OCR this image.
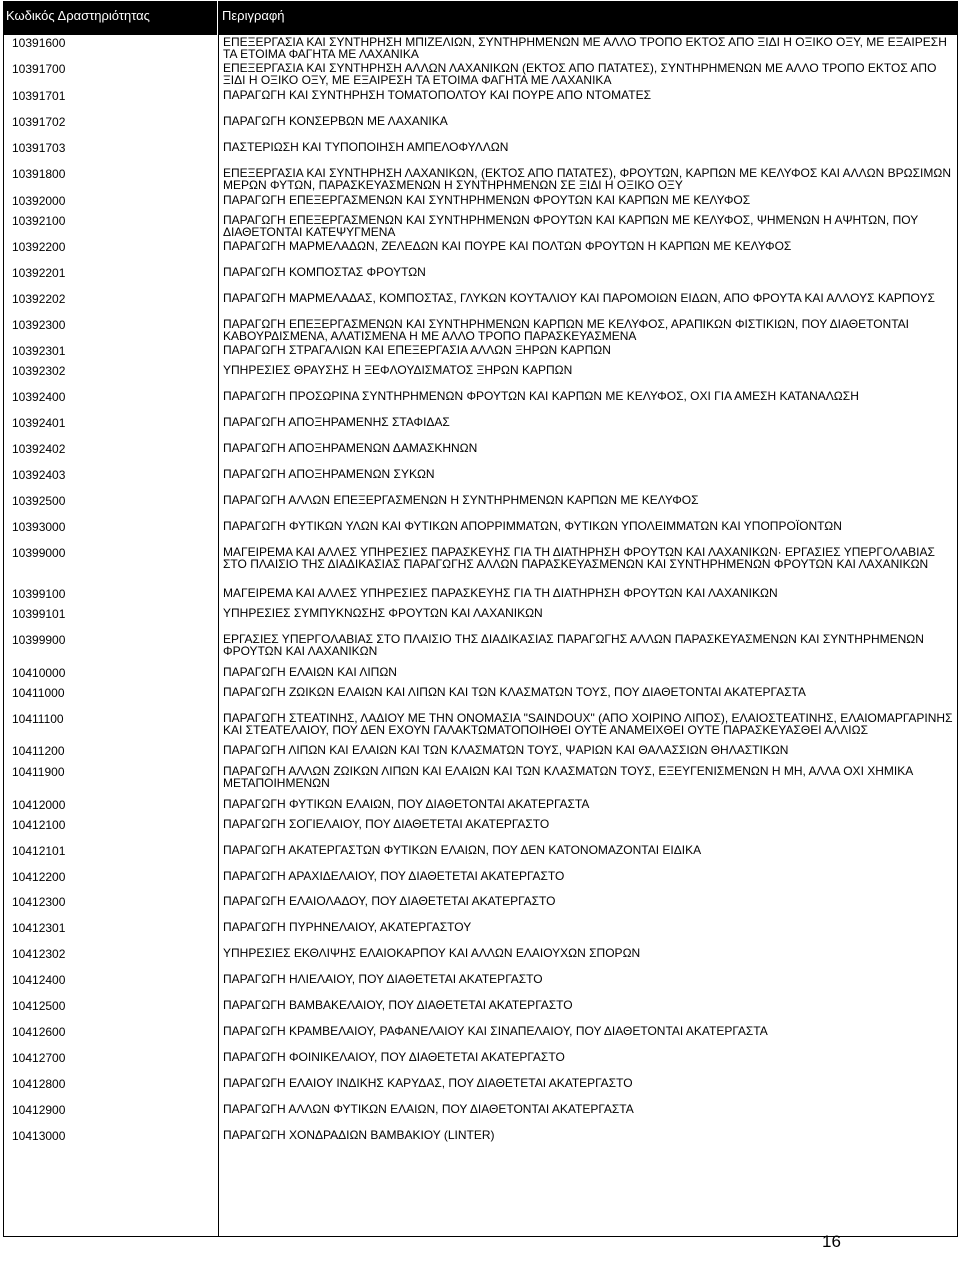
Κωδικός Δραστηριότητας	Περιγραφή
10391600	ΕΠΕΞΕΡΓΑΣΙΑ ΚΑΙ ΣΥΝΤΗΡΗΣΗ ΜΠΙΖΕΛΙΩΝ, ΣΥΝΤΗΡΗΜΕΝΩΝ ΜΕ ΑΛΛΟ ΤΡΟΠΟ ΕΚΤΟΣ ΑΠΟ ΞΙΔΙ Η ΟΞΙΚΟ ΟΞΥ, ΜΕ ΕΞΑΙΡΕΣΗ ΤΑ ΕΤΟΙΜΑ ΦΑΓΗΤΑ ΜΕ ΛΑΧΑΝΙΚΑ
10391700	ΕΠΕΞΕΡΓΑΣΙΑ ΚΑΙ ΣΥΝΤΗΡΗΣΗ ΑΛΛΩΝ ΛΑΧΑΝΙΚΩΝ (ΕΚΤΟΣ ΑΠΟ ΠΑΤΑΤΕΣ), ΣΥΝΤΗΡΗΜΕΝΩΝ ΜΕ ΑΛΛΟ ΤΡΟΠΟ ΕΚΤΟΣ ΑΠΟ ΞΙΔΙ Η ΟΞΙΚΟ ΟΞΥ, ΜΕ ΕΞΑΙΡΕΣΗ ΤΑ ΕΤΟΙΜΑ ΦΑΓΗΤΑ ΜΕ ΛΑΧΑΝΙΚΑ
10391701	ΠΑΡΑΓΩΓΗ ΚΑΙ ΣΥΝΤΗΡΗΣΗ ΤΟΜΑΤΟΠΟΛΤΟΥ ΚΑΙ ΠΟΥΡΕ ΑΠΟ ΝΤΟΜΑΤΕΣ
10391702	ΠΑΡΑΓΩΓΗ ΚΟΝΣΕΡΒΩΝ ΜΕ ΛΑΧΑΝΙΚΑ
10391703	ΠΑΣΤΕΡΙΩΣΗ ΚΑΙ ΤΥΠΟΠΟΙΗΣΗ ΑΜΠΕΛΟΦΥΛΛΩΝ
10391800	ΕΠΕΞΕΡΓΑΣΙΑ ΚΑΙ ΣΥΝΤΗΡΗΣΗ ΛΑΧΑΝΙΚΩΝ, (ΕΚΤΟΣ ΑΠΟ ΠΑΤΑΤΕΣ), ΦΡΟΥΤΩΝ, ΚΑΡΠΩΝ ΜΕ ΚΕΛΥΦΟΣ ΚΑΙ ΑΛΛΩΝ ΒΡΩΣΙΜΩΝ ΜΕΡΩΝ ΦΥΤΩΝ, ΠΑΡΑΣΚΕΥΑΣΜΕΝΩΝ Η ΣΥΝΤΗΡΗΜΕΝΩΝ ΣΕ ΞΙΔΙ Η ΟΞΙΚΟ ΟΞΥ
10392000	ΠΑΡΑΓΩΓΗ ΕΠΕΞΕΡΓΑΣΜΕΝΩΝ ΚΑΙ ΣΥΝΤΗΡΗΜΕΝΩΝ ΦΡΟΥΤΩΝ ΚΑΙ ΚΑΡΠΩΝ ΜΕ ΚΕΛΥΦΟΣ
10392100	ΠΑΡΑΓΩΓΗ ΕΠΕΞΕΡΓΑΣΜΕΝΩΝ ΚΑΙ ΣΥΝΤΗΡΗΜΕΝΩΝ ΦΡΟΥΤΩΝ ΚΑΙ ΚΑΡΠΩΝ ΜΕ ΚΕΛΥΦΟΣ, ΨΗΜΕΝΩΝ Η ΑΨΗΤΩΝ, ΠΟΥ ΔΙΑΘΕΤΟΝΤΑΙ ΚΑΤΕΨΥΓΜΕΝΑ
10392200	ΠΑΡΑΓΩΓΗ ΜΑΡΜΕΛΑΔΩΝ, ΖΕΛΕΔΩΝ ΚΑΙ ΠΟΥΡΕ ΚΑΙ ΠΟΛΤΩΝ ΦΡΟΥΤΩΝ Η ΚΑΡΠΩΝ ΜΕ ΚΕΛΥΦΟΣ
10392201	ΠΑΡΑΓΩΓΗ ΚΟΜΠΟΣΤΑΣ ΦΡΟΥΤΩΝ
10392202	ΠΑΡΑΓΩΓΗ ΜΑΡΜΕΛΑΔΑΣ, ΚΟΜΠΟΣΤΑΣ, ΓΛΥΚΩΝ ΚΟΥΤΑΛΙΟΥ ΚΑΙ ΠΑΡΟΜΟΙΩΝ ΕΙΔΩΝ, ΑΠΟ ΦΡΟΥΤΑ ΚΑΙ ΑΛΛΟΥΣ ΚΑΡΠΟΥΣ
10392300	ΠΑΡΑΓΩΓΗ ΕΠΕΞΕΡΓΑΣΜΕΝΩΝ ΚΑΙ ΣΥΝΤΗΡΗΜΕΝΩΝ ΚΑΡΠΩΝ ΜΕ ΚΕΛΥΦΟΣ, ΑΡΑΠΙΚΩΝ ΦΙΣΤΙΚΙΩΝ, ΠΟΥ ΔΙΑΘΕΤΟΝΤΑΙ ΚΑΒΟΥΡΔΙΣΜΕΝΑ, ΑΛΑΤΙΣΜΕΝΑ Η ΜΕ ΑΛΛΟ ΤΡΟΠΟ ΠΑΡΑΣΚΕΥΑΣΜΕΝΑ
10392301	ΠΑΡΑΓΩΓΗ ΣΤΡΑΓΑΛΙΩΝ ΚΑΙ ΕΠΕΞΕΡΓΑΣΙΑ ΑΛΛΩΝ ΞΗΡΩΝ ΚΑΡΠΩΝ
10392302	ΥΠΗΡΕΣΙΕΣ ΘΡΑΥΣΗΣ Η ΞΕΦΛΟΥΔΙΣΜΑΤΟΣ ΞΗΡΩΝ ΚΑΡΠΩΝ
10392400	ΠΑΡΑΓΩΓΗ ΠΡΟΣΩΡΙΝΑ ΣΥΝΤΗΡΗΜΕΝΩΝ ΦΡΟΥΤΩΝ ΚΑΙ ΚΑΡΠΩΝ ΜΕ ΚΕΛΥΦΟΣ, ΟΧΙ ΓΙΑ ΑΜΕΣΗ ΚΑΤΑΝΑΛΩΣΗ
10392401	ΠΑΡΑΓΩΓΗ ΑΠΟΞΗΡΑΜΕΝΗΣ ΣΤΑΦΙΔΑΣ
10392402	ΠΑΡΑΓΩΓΗ ΑΠΟΞΗΡΑΜΕΝΩΝ ΔΑΜΑΣΚΗΝΩΝ
10392403	ΠΑΡΑΓΩΓΗ ΑΠΟΞΗΡΑΜΕΝΩΝ ΣΥΚΩΝ
10392500	ΠΑΡΑΓΩΓΗ ΑΛΛΩΝ ΕΠΕΞΕΡΓΑΣΜΕΝΩΝ Η ΣΥΝΤΗΡΗΜΕΝΩΝ ΚΑΡΠΩΝ ΜΕ ΚΕΛΥΦΟΣ
10393000	ΠΑΡΑΓΩΓΗ ΦΥΤΙΚΩΝ ΥΛΩΝ ΚΑΙ ΦΥΤΙΚΩΝ ΑΠΟΡΡΙΜΜΑΤΩΝ, ΦΥΤΙΚΩΝ ΥΠΟΛΕΙΜΜΑΤΩΝ ΚΑΙ ΥΠΟΠΡΟΪΟΝΤΩΝ
10399000	ΜΑΓΕΙΡΕΜΑ ΚΑΙ ΑΛΛΕΣ ΥΠΗΡΕΣΙΕΣ ΠΑΡΑΣΚΕΥΗΣ ΓΙΑ ΤΗ ΔΙΑΤΗΡΗΣΗ ΦΡΟΥΤΩΝ ΚΑΙ ΛΑΧΑΝΙΚΩΝ· ΕΡΓΑΣΙΕΣ ΥΠΕΡΓΟΛΑΒΙΑΣ ΣΤΟ ΠΛΑΙΣΙΟ ΤΗΣ ΔΙΑΔΙΚΑΣΙΑΣ ΠΑΡΑΓΩΓΗΣ ΑΛΛΩΝ ΠΑΡΑΣΚΕΥΑΣΜΕΝΩΝ ΚΑΙ ΣΥΝΤΗΡΗΜΕΝΩΝ ΦΡΟΥΤΩΝ ΚΑΙ ΛΑΧΑΝΙΚΩΝ
10399100	ΜΑΓΕΙΡΕΜΑ ΚΑΙ ΑΛΛΕΣ ΥΠΗΡΕΣΙΕΣ ΠΑΡΑΣΚΕΥΗΣ ΓΙΑ ΤΗ ΔΙΑΤΗΡΗΣΗ ΦΡΟΥΤΩΝ ΚΑΙ ΛΑΧΑΝΙΚΩΝ
10399101	ΥΠΗΡΕΣΙΕΣ ΣΥΜΠΥΚΝΩΣΗΣ ΦΡΟΥΤΩΝ ΚΑΙ ΛΑΧΑΝΙΚΩΝ
10399900	ΕΡΓΑΣΙΕΣ ΥΠΕΡΓΟΛΑΒΙΑΣ ΣΤΟ ΠΛΑΙΣΙΟ ΤΗΣ ΔΙΑΔΙΚΑΣΙΑΣ ΠΑΡΑΓΩΓΗΣ ΑΛΛΩΝ ΠΑΡΑΣΚΕΥΑΣΜΕΝΩΝ ΚΑΙ ΣΥΝΤΗΡΗΜΕΝΩΝ ΦΡΟΥΤΩΝ ΚΑΙ ΛΑΧΑΝΙΚΩΝ
10410000	ΠΑΡΑΓΩΓΗ ΕΛΑΙΩΝ ΚΑΙ ΛΙΠΩΝ
10411000	ΠΑΡΑΓΩΓΗ ΖΩΙΚΩΝ ΕΛΑΙΩΝ ΚΑΙ ΛΙΠΩΝ ΚΑΙ ΤΩΝ ΚΛΑΣΜΑΤΩΝ ΤΟΥΣ, ΠΟΥ ΔΙΑΘΕΤΟΝΤΑΙ ΑΚΑΤΕΡΓΑΣΤΑ
10411100	ΠΑΡΑΓΩΓΗ ΣΤΕΑΤΙΝΗΣ, ΛΑΔΙΟΥ ΜΕ ΤΗΝ ΟΝΟΜΑΣΙΑ "SAINDOUX" (ΑΠΟ ΧΟΙΡΙΝΟ ΛΙΠΟΣ), ΕΛΑΙΟΣΤΕΑΤΙΝΗΣ, ΕΛΑΙΟΜΑΡΓΑΡΙΝΗΣ ΚΑΙ ΣΤΕΑΤΕΛΑΙΟΥ, ΠΟΥ ΔΕΝ ΕΧΟΥΝ ΓΑΛΑΚΤΩΜΑΤΟΠΟΙΗΘΕΙ ΟΥΤΕ ΑΝΑΜΕΙΧΘΕΙ ΟΥΤΕ ΠΑΡΑΣΚΕΥΑΣΘΕΙ ΑΛΛΙΩΣ
10411200	ΠΑΡΑΓΩΓΗ ΛΙΠΩΝ ΚΑΙ ΕΛΑΙΩΝ ΚΑΙ ΤΩΝ ΚΛΑΣΜΑΤΩΝ ΤΟΥΣ, ΨΑΡΙΩΝ ΚΑΙ ΘΑΛΑΣΣΙΩΝ ΘΗΛΑΣΤΙΚΩΝ
10411900	ΠΑΡΑΓΩΓΗ ΑΛΛΩΝ ΖΩΙΚΩΝ ΛΙΠΩΝ ΚΑΙ ΕΛΑΙΩΝ ΚΑΙ ΤΩΝ ΚΛΑΣΜΑΤΩΝ ΤΟΥΣ, ΕΞΕΥΓΕΝΙΣΜΕΝΩΝ Η ΜΗ, ΑΛΛΑ ΟΧΙ ΧΗΜΙΚΑ ΜΕΤΑΠΟΙΗΜΕΝΩΝ
10412000	ΠΑΡΑΓΩΓΗ ΦΥΤΙΚΩΝ ΕΛΑΙΩΝ, ΠΟΥ ΔΙΑΘΕΤΟΝΤΑΙ ΑΚΑΤΕΡΓΑΣΤΑ
10412100	ΠΑΡΑΓΩΓΗ ΣΟΓΙΕΛΑΙΟΥ, ΠΟΥ ΔΙΑΘΕΤΕΤΑΙ ΑΚΑΤΕΡΓΑΣΤΟ
10412101	ΠΑΡΑΓΩΓΗ ΑΚΑΤΕΡΓΑΣΤΩΝ ΦΥΤΙΚΩΝ ΕΛΑΙΩΝ, ΠΟΥ ΔΕΝ ΚΑΤΟΝΟΜΑΖΟΝΤΑΙ ΕΙΔΙΚΑ
10412200	ΠΑΡΑΓΩΓΗ ΑΡΑΧΙΔΕΛΑΙΟΥ, ΠΟΥ ΔΙΑΘΕΤΕΤΑΙ ΑΚΑΤΕΡΓΑΣΤΟ
10412300	ΠΑΡΑΓΩΓΗ ΕΛΑΙΟΛΑΔΟΥ, ΠΟΥ ΔΙΑΘΕΤΕΤΑΙ ΑΚΑΤΕΡΓΑΣΤΟ
10412301	ΠΑΡΑΓΩΓΗ ΠΥΡΗΝΕΛΑΙΟΥ, ΑΚΑΤΕΡΓΑΣΤΟΥ
10412302	ΥΠΗΡΕΣΙΕΣ ΕΚΘΛΙΨΗΣ ΕΛΑΙΟΚΑΡΠΟΥ ΚΑΙ ΑΛΛΩΝ ΕΛΑΙΟΥΧΩΝ ΣΠΟΡΩΝ
10412400	ΠΑΡΑΓΩΓΗ ΗΛΙΕΛΑΙΟΥ, ΠΟΥ ΔΙΑΘΕΤΕΤΑΙ ΑΚΑΤΕΡΓΑΣΤΟ
10412500	ΠΑΡΑΓΩΓΗ ΒΑΜΒΑΚΕΛΑΙΟΥ, ΠΟΥ ΔΙΑΘΕΤΕΤΑΙ ΑΚΑΤΕΡΓΑΣΤΟ
10412600	ΠΑΡΑΓΩΓΗ ΚΡΑΜΒΕΛΑΙΟΥ, ΡΑΦΑΝΕΛΑΙΟΥ ΚΑΙ ΣΙΝΑΠΕΛΑΙΟΥ, ΠΟΥ ΔΙΑΘΕΤΟΝΤΑΙ ΑΚΑΤΕΡΓΑΣΤΑ
10412700	ΠΑΡΑΓΩΓΗ ΦΟΙΝΙΚΕΛΑΙΟΥ, ΠΟΥ ΔΙΑΘΕΤΕΤΑΙ ΑΚΑΤΕΡΓΑΣΤΟ
10412800	ΠΑΡΑΓΩΓΗ ΕΛΑΙΟΥ ΙΝΔΙΚΗΣ ΚΑΡΥΔΑΣ, ΠΟΥ ΔΙΑΘΕΤΕΤΑΙ ΑΚΑΤΕΡΓΑΣΤΟ
10412900	ΠΑΡΑΓΩΓΗ ΑΛΛΩΝ ΦΥΤΙΚΩΝ ΕΛΑΙΩΝ, ΠΟΥ ΔΙΑΘΕΤΟΝΤΑΙ ΑΚΑΤΕΡΓΑΣΤΑ
10413000	ΠΑΡΑΓΩΓΗ ΧΟΝΔΡΑΔΙΩΝ ΒΑΜΒΑΚΙΟΥ (LINTER)
16
